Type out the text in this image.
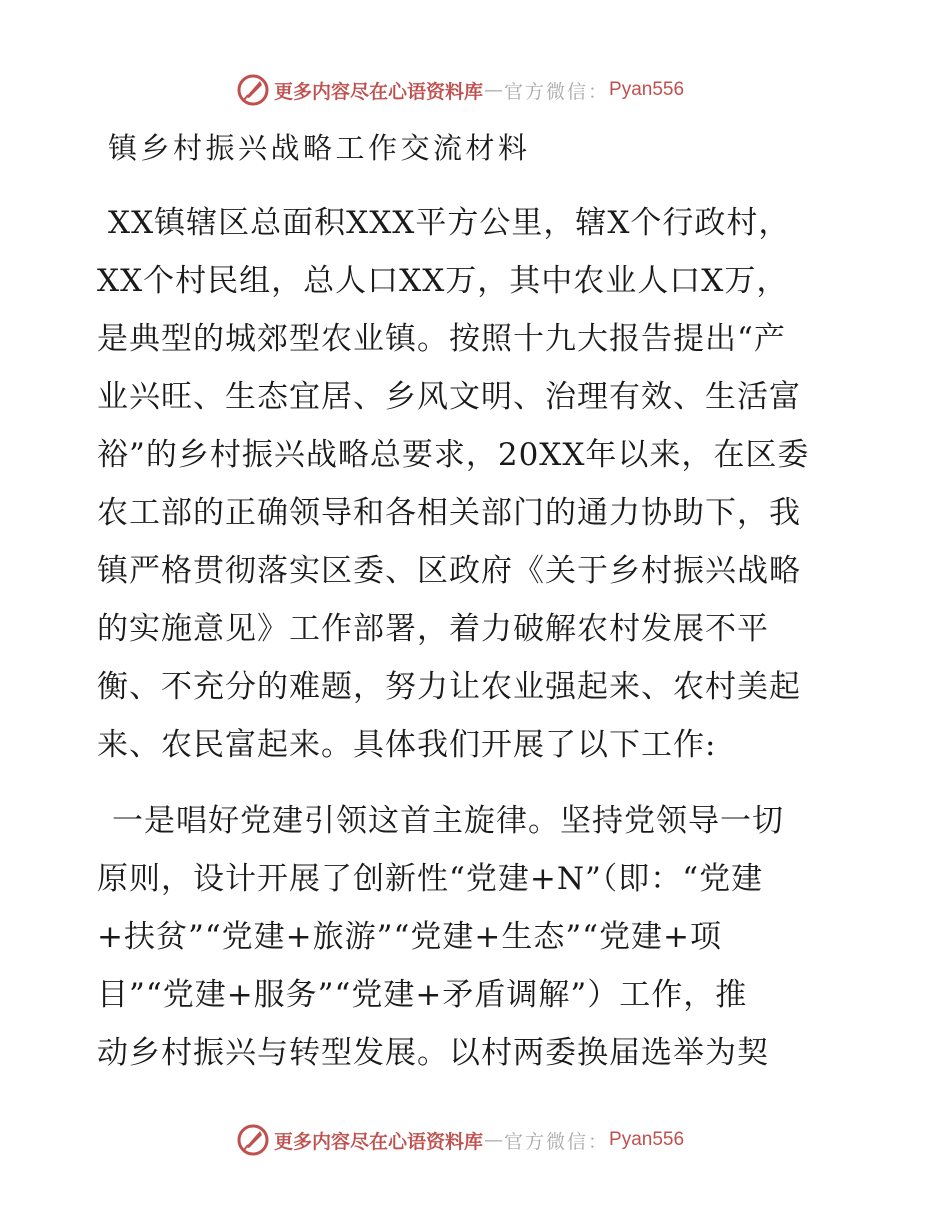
更多内容尽在心语资料库 — 官方微信： Pyan556
镇乡村振兴战略工作交流材料
XX镇辖区总面积XXX平方公里，辖X个行政村，
XX个村民组，总人口XX万，其中农业人口X万，
是典型的城郊型农业镇。按照十九大报告提出“产
业兴旺、生态宜居、乡风文明、治理有效、生活富
裕”的乡村振兴战略总要求，20XX年以来，在区委
农工部的正确领导和各相关部门的通力协助下，我
镇严格贯彻落实区委、区政府《关于乡村振兴战略
的实施意见》工作部署，着力破解农村发展不平
衡、不充分的难题，努力让农业强起来、农村美起
来、农民富起来。具体我们开展了以下工作:
一是唱好党建引领这首主旋律。坚持党领导一切
原则，设计开展了创新性“党建+N”（即：“党建
+扶贫”“党建+旅游”“党建+生态”“党建+项
目”“党建+服务”“党建+矛盾调解”）工作，推
动乡村振兴与转型发展。以村两委换届选举为契
更多内容尽在心语资料库 — 官方微信： Pyan556
